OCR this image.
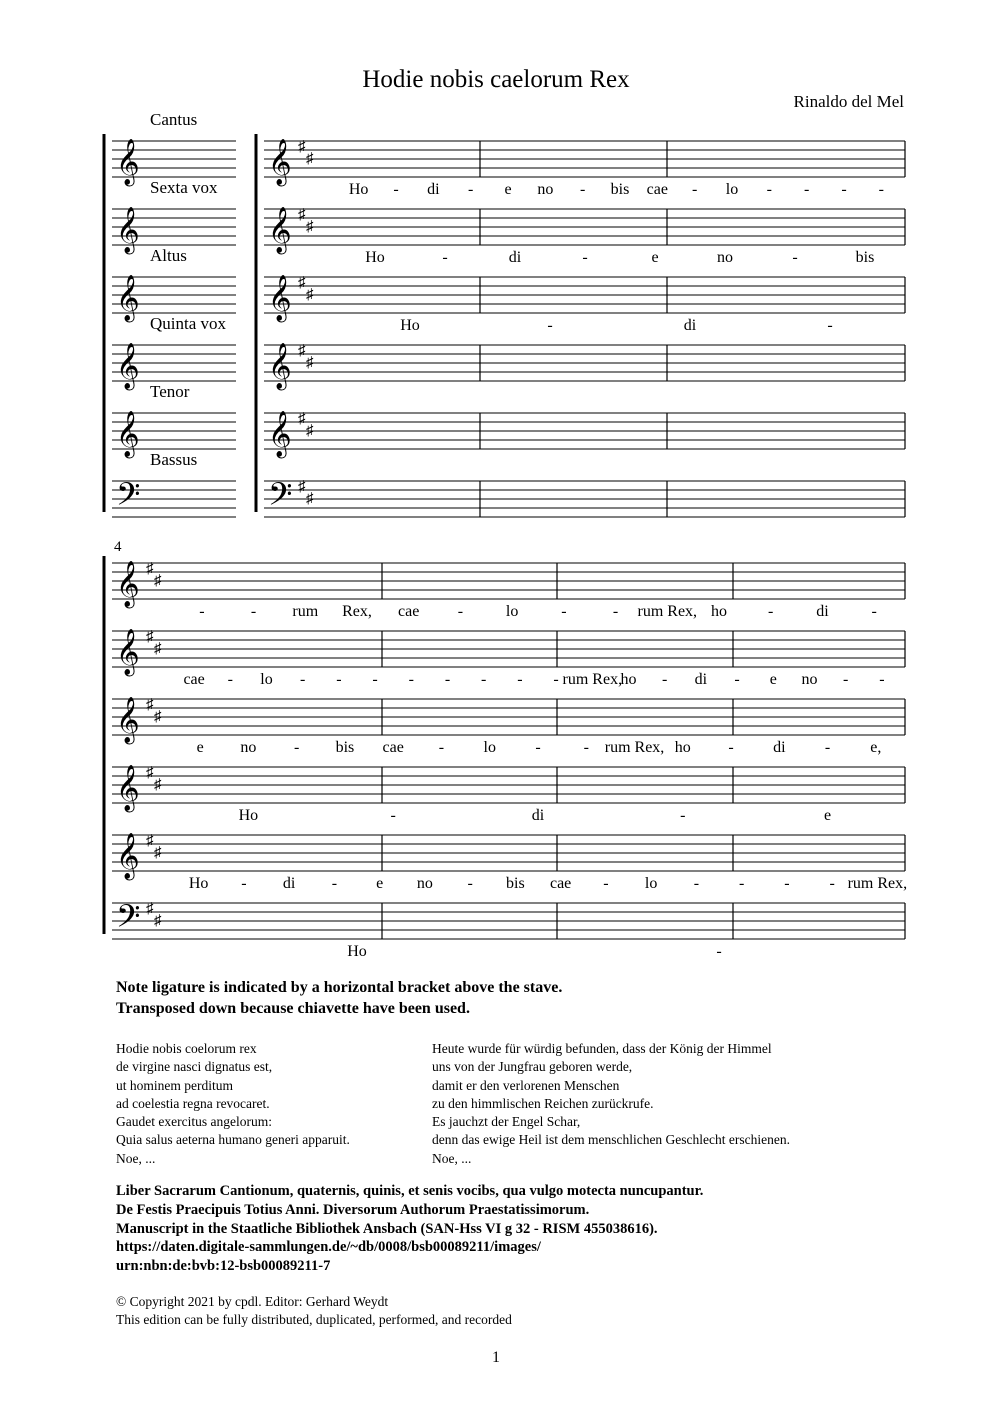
Hodie nobis caelorum Rex
Rinaldo del Mel
Cantus
Sexta vox
Altus
Quinta vox
Tenor
Bassus
𝄞	𝄞 ♯
♯
Ho - di - e no - bis cae - lo - - - -
𝄞	𝄞 ♯
♯
Ho	-	di	-	e	no	-	bis
𝄞	𝄞 ♯
♯
Ho	-	di	-
𝄞	𝄞 ♯
♯
𝄞	𝄞 ♯
♯
𝄢	𝄢 ♯
♯
𝄞 ♯
♯
-	- rum Rex, cae -	lo	-	- rum Rex, ho	-	di	-
𝄞 ♯
♯
cae - lo - - - - - - - - rum Rex,
ho - di - e no - -
𝄞 ♯
♯
e no - bis cae - lo -	- rum Rex, ho - di -	e,
𝄞 ♯
♯
Ho	-	di	-	e
𝄞 ♯
♯
Ho - di - e no - bis cae - lo - - - - rum Rex,
𝄢 ♯
♯
Ho	-
4
Note ligature is indicated by a horizontal bracket above the stave.
Transposed down because chiavette have been used.
Hodie nobis coelorum rex
de virgine nasci dignatus est,
ut hominem perditum
ad coelestia regna revocaret.
Gaudet exercitus angelorum:
Quia salus aeterna humano generi apparuit.
Noe, ...
Heute wurde für würdig befunden, dass der König der Himmel
uns von der Jungfrau geboren werde,
damit er den verlorenen Menschen
zu den himmlischen Reichen zurückrufe.
Es jauchzt der Engel Schar,
denn das ewige Heil ist dem menschlichen Geschlecht erschienen.
Noe, ...
Liber Sacrarum Cantionum, quaternis, quinis, et senis vocibs, qua vulgo motecta nuncupantur.
De Festis Praecipuis Totius Anni. Diversorum Authorum Praestatissimorum.
Manuscript in the Staatliche Bibliothek Ansbach (SAN-Hss VI g 32 - RISM 455038616).
https://daten.digitale-sammlungen.de/~db/0008/bsb00089211/images/
urn:nbn:de:bvb:12-bsb00089211-7
© Copyright 2021 by cpdl. Editor: Gerhard Weydt
This edition can be fully distributed, duplicated, performed, and recorded
1
